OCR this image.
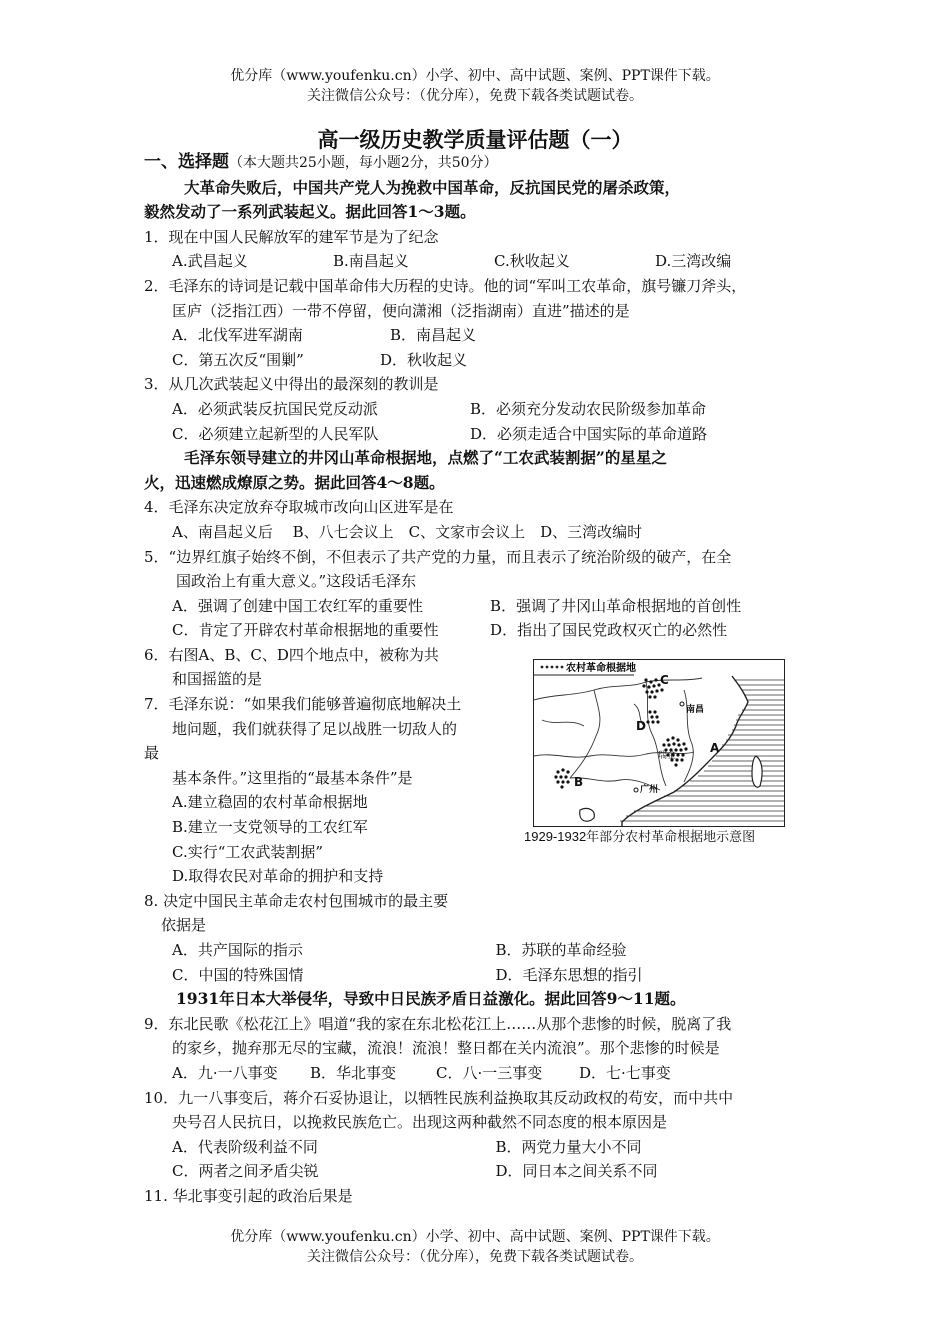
优分库（www.youfenku.cn）小学、初中、高中试题、案例、PPT课件下载。
关注微信公众号：（优分库），免费下载各类试题试卷。
高一级历史教学质量评估题（一）
一、选择题（本大题共25小题，每小题2分，共50分）
大革命失败后，中国共产党人为挽救中国革命，反抗国民党的屠杀政策，
毅然发动了一系列武装起义。据此回答1～3题。
1．现在中国人民解放军的建军节是为了纪念
A.武昌起义	B.南昌起义	C.秋收起义	D.三湾改编
2．毛泽东的诗词是记载中国革命伟大历程的史诗。他的词“军叫工农革命，旗号镰刀斧头，
匡庐（泛指江西）一带不停留，便向潇湘（泛指湖南）直进”描述的是
A．北伐军进军湖南	B．南昌起义
C．第五次反“围剿”	D．秋收起义
3．从几次武装起义中得出的最深刻的教训是
A．必须武装反抗国民党反动派	B．必须充分发动农民阶级参加革命
C．必须建立起新型的人民军队	D．必须走适合中国实际的革命道路
毛泽东领导建立的井冈山革命根据地，点燃了“工农武装割据”的星星之
火，迅速燃成燎原之势。据此回答4～8题。
4．毛泽东决定放弃夺取城市改向山区进军是在
A、南昌起义后　 B、八七会议上　C、文家市会议上　D、三湾改编时
5．“边界红旗子始终不倒，不但表示了共产党的力量，而且表示了统治阶级的破产，在全
国政治上有重大意义。”这段话毛泽东
A．强调了创建中国工农红军的重要性	B．强调了井冈山革命根据地的首创性
C．肯定了开辟农村革命根据地的重要性	D．指出了国民党政权灭亡的必然性
6．右图A、B、C、D四个地点中，被称为共
和国摇篮的是
7．毛泽东说：“如果我们能够普遍彻底地解决土
地问题，我们就获得了足以战胜一切敌人的
最
基本条件。”这里指的“最基本条件”是
A.建立稳固的农村革命根据地
B.建立一支党领导的工农红军
C.实行“工农武装割据”
D.取得农民对革命的拥护和支持
8. 决定中国民主革命走农村包围城市的最主要
依据是
A．共产国际的指示	B．苏联的革命经验
C．中国的特殊国情	D．毛泽东思想的指引
1931年日本大举侵华，导致中日民族矛盾日益激化。据此回答9～11题。
9．东北民歌《松花江上》唱道“我的家在东北松花江上……从那个悲惨的时候，脱离了我
的家乡，抛弃那无尽的宝藏，流浪！流浪！整日都在关内流浪”。那个悲惨的时候是
A．九·一八事变	B．华北事变	C．八·一三事变	D．七·七事变
10．九一八事变后，蒋介石妥协退让，以牺牲民族利益换取其反动政权的苟安，而中共中
央号召人民抗日，以挽救民族危亡。出现这两种截然不同态度的根本原因是
A．代表阶级利益不同	B．两党力量大小不同
C．两者之间矛盾尖锐	D．同日本之间关系不同
11. 华北事变引起的政治后果是
农村革命根据地
C
D
A
B
南昌
瑞金
广州
1929-1932年部分农村革命根据地示意图
优分库（www.youfenku.cn）小学、初中、高中试题、案例、PPT课件下载。
关注微信公众号：（优分库），免费下载各类试题试卷。
